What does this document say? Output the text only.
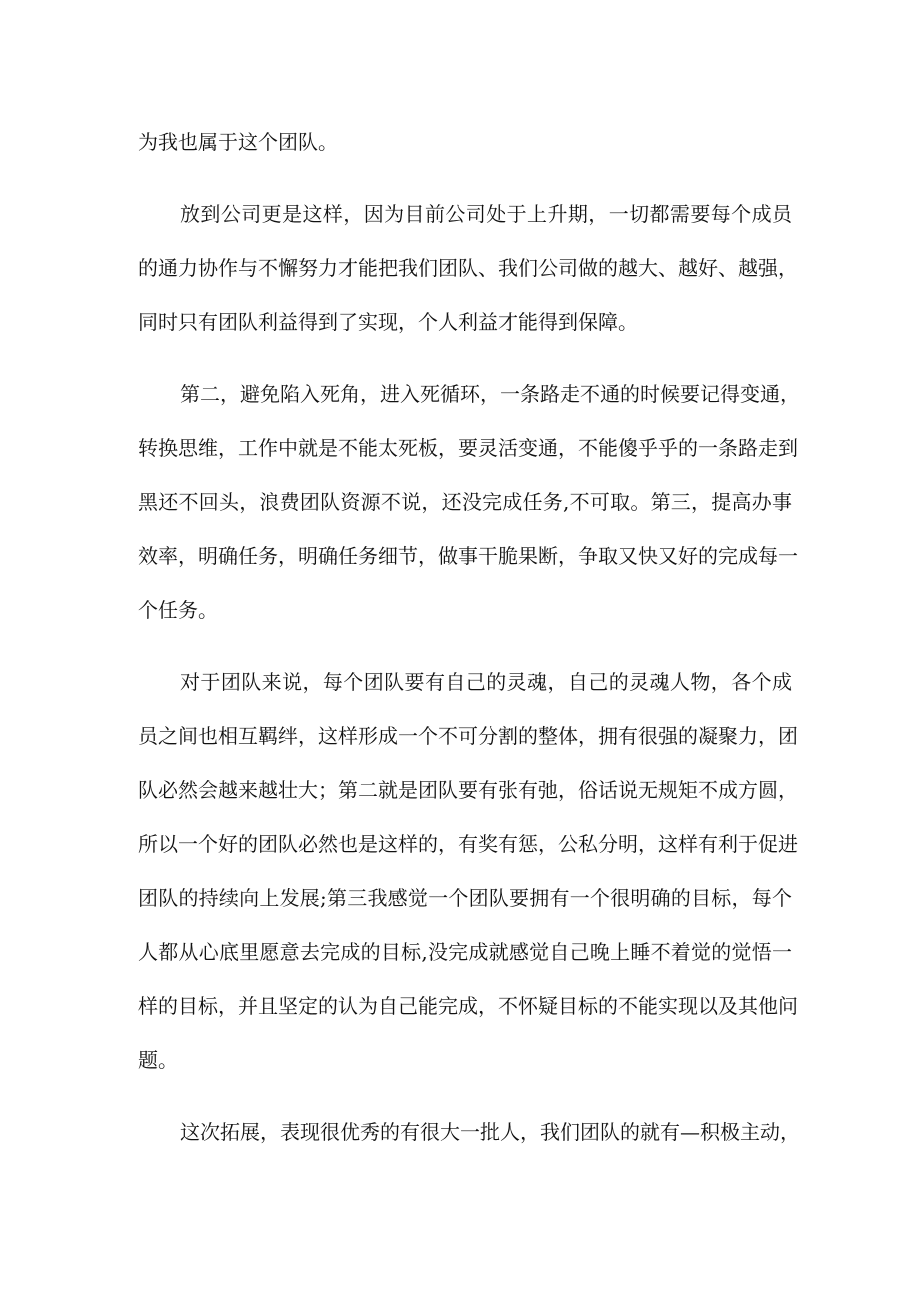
为我也属于这个团队。
放到公司更是这样，因为目前公司处于上升期，一切都需要每个成员
的通力协作与不懈努力才能把我们团队、我们公司做的越大、越好、越强，
同时只有团队利益得到了实现，个人利益才能得到保障。
第二，避免陷入死角，进入死循环，一条路走不通的时候要记得变通，
转换思维，工作中就是不能太死板，要灵活变通，不能傻乎乎的一条路走到
黑还不回头，浪费团队资源不说，还没完成任务,不可取。第三，提高办事
效率，明确任务，明确任务细节，做事干脆果断，争取又快又好的完成每一
个任务。
对于团队来说，每个团队要有自己的灵魂，自己的灵魂人物，各个成
员之间也相互羁绊，这样形成一个不可分割的整体，拥有很强的凝聚力，团
队必然会越来越壮大；第二就是团队要有张有弛，俗话说无规矩不成方圆，
所以一个好的团队必然也是这样的，有奖有惩，公私分明，这样有利于促进
团队的持续向上发展;第三我感觉一个团队要拥有一个很明确的目标，每个
人都从心底里愿意去完成的目标,没完成就感觉自己晚上睡不着觉的觉悟一
样的目标，并且坚定的认为自己能完成，不怀疑目标的不能实现以及其他问
题。
这次拓展，表现很优秀的有很大一批人，我们团队的就有—积极主动，
